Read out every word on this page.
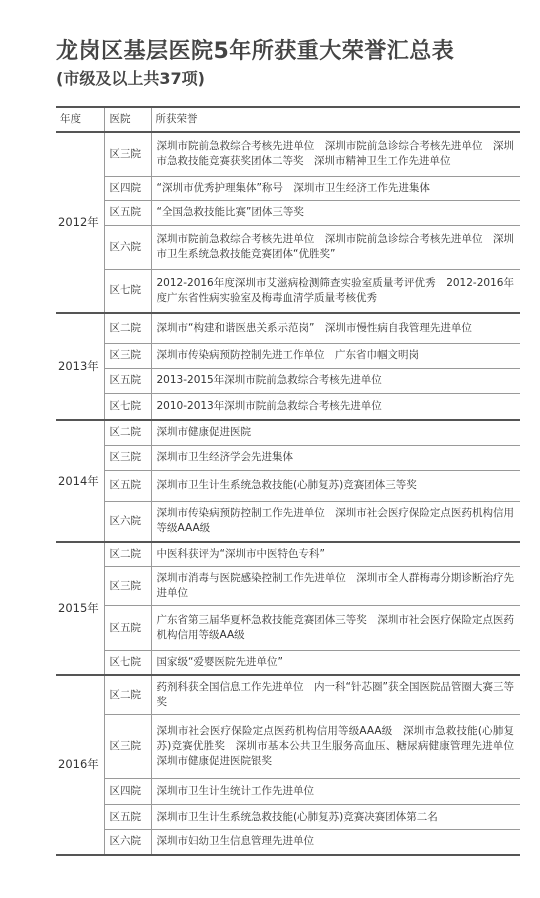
龙岗区基层医院5年所获重大荣誉汇总表
(市级及以上共37项)
年度	医院	所获荣誉
2012年	区三院	深圳市院前急救综合考核先进单位　深圳市院前急诊综合考核先进单位　深圳市急救技能竞赛获奖团体二等奖　深圳市精神卫生工作先进单位
	区四院	“深圳市优秀护理集体”称号　深圳市卫生经济工作先进集体
	区五院	“全国急救技能比赛”团体三等奖
	区六院	深圳市院前急救综合考核先进单位　深圳市院前急诊综合考核先进单位　深圳市卫生系统急救技能竞赛团体“优胜奖”
	区七院	2012-2016年度深圳市艾滋病检测筛查实验室质量考评优秀　2012-2016年度广东省性病实验室及梅毒血清学质量考核优秀
2013年	区二院	深圳市“构建和谐医患关系示范岗”　深圳市慢性病自我管理先进单位
	区三院	深圳市传染病预防控制先进工作单位　广东省巾帼文明岗
	区五院	2013-2015年深圳市院前急救综合考核先进单位
	区七院	2010-2013年深圳市院前急救综合考核先进单位
2014年	区二院	深圳市健康促进医院
	区三院	深圳市卫生经济学会先进集体
	区五院	深圳市卫生计生系统急救技能(心肺复苏)竞赛团体三等奖
	区六院	深圳市传染病预防控制工作先进单位　深圳市社会医疗保险定点医药机构信用等级AAA级
2015年	区二院	中医科获评为“深圳市中医特色专科”
	区三院	深圳市消毒与医院感染控制工作先进单位　深圳市全人群梅毒分期诊断治疗先进单位
	区五院	广东省第三届华夏杯急救技能竞赛团体三等奖　深圳市社会医疗保险定点医药机构信用等级AA级
	区七院	国家级“爱婴医院先进单位”
2016年	区二院	药剂科获全国信息工作先进单位　内一科“针芯圈”获全国医院品管圈大赛三等奖
	区三院	深圳市社会医疗保险定点医药机构信用等级AAA级　深圳市急救技能(心肺复苏)竞赛优胜奖　深圳市基本公共卫生服务高血压、糖尿病健康管理先进单位　深圳市健康促进医院银奖
	区四院	深圳市卫生计生统计工作先进单位
	区五院	深圳市卫生计生系统急救技能(心肺复苏)竞赛决赛团体第二名
	区六院	深圳市妇幼卫生信息管理先进单位
